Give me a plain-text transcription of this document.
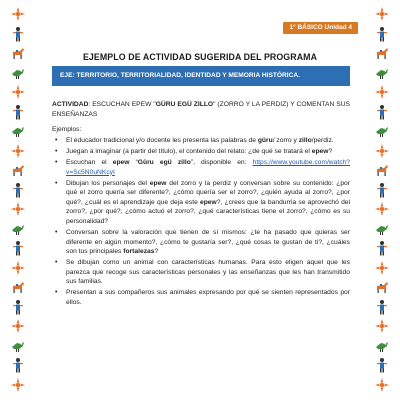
1° BÁSICO Unidad 4
EJEMPLO DE ACTIVIDAD SUGERIDA DEL PROGRAMA
EJE: TERRITORIO, TERRITORIALIDAD, IDENTIDAD Y MEMORIA HISTÓRICA.
ACTIVIDAD: ESCUCHAN EPEW "GÜRU EGÜ ZILLO" (ZORRO Y LA PERDIZ) Y COMENTAN SUS ENSEÑANZAS
Ejemplos:
• El educador tradicional y/o docente les presenta las palabras de güru/ zorro y zillo/perdiz.
• Juegan a imaginar (a partir del título), el contenido del relato: ¿de qué se tratará el epew?
• Escuchan el epew “Güru egü zillo”, disponible en: https://www.youtube.com/watch?v=Sc5N0uNKcyI
• Dibujan los personajes del epew del zorro y la perdiz y conversan sobre su contenido: ¿por qué el zorro quería ser diferente?, ¿cómo quería ser el zorro?, ¿quién ayuda al zorro?, ¿por qué?, ¿cuál es el aprendizaje que deja este epew?, ¿crees que la bandurria se aprovechó del zorro?, ¿por qué?, ¿cómo actuó el zorro?, ¿qué características tiene el zorro?, ¿cómo es su personalidad?
• Conversan sobre la valoración que tienen de sí mismos: ¿te ha pasado que quieras ser diferente en algún momento?, ¿cómo te gustaría ser?, ¿qué cosas te gustan de ti?, ¿cuáles son tus principales fortalezas?
• Se dibujan como un animal con características humanas. Para esto eligen aquel que les parezca que recoge sus características personales y las enseñanzas que les han transmitido sus familias.
• Presentan a sus compañeros sus animales expresando por qué se sienten representados por ellos.
